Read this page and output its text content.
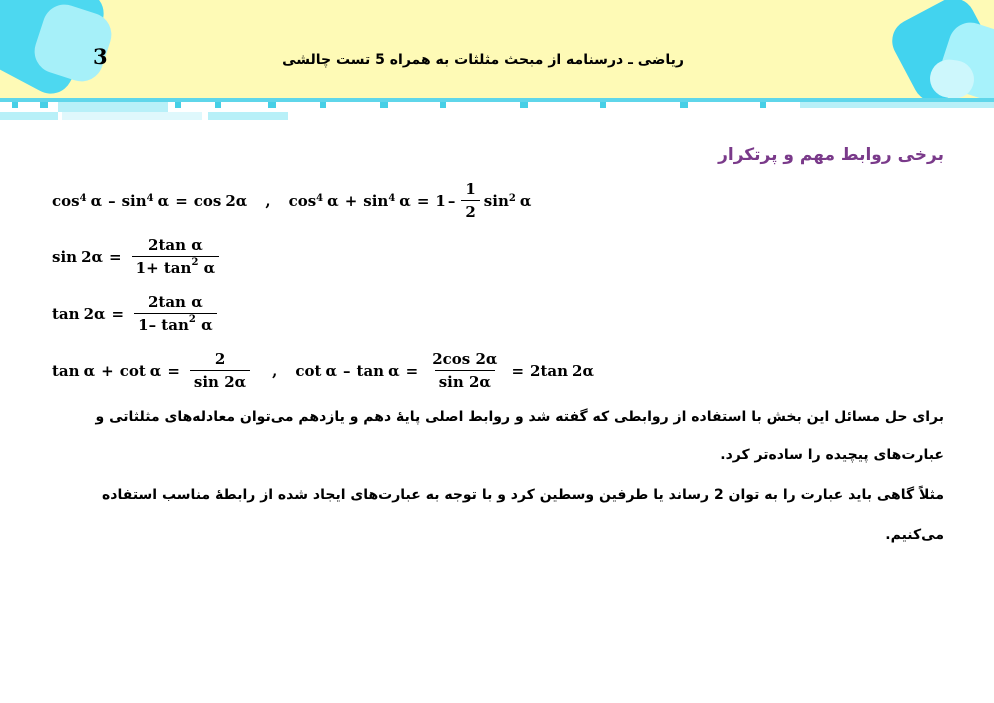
3	ریاضی ـ درسنامه از مبحث مثلثات به همراه 5 تست چالشی
برخی روابط مهم و پرتکرار
$\cos^4 \alpha - \sin^4 \alpha = \cos 2\alpha$ , $\cos^4 \alpha + \sin^4 \alpha = 1 - \frac{1}{2} \sin^2 \alpha$
$\sin 2\alpha = \frac{\text{2tan α}}{1+ \tan^2 \alpha}$
$\tan 2\alpha = \frac{\text{2tan α}}{1- \tan^2 \alpha}$
$\tan \alpha + \cot \alpha = \frac{2}{\sin 2\alpha}$ , $\cot \alpha - \tan \alpha = \frac{2\cos 2\alpha}{\sin 2\alpha} = 2$ tan 2α
برای حل مسائل این بخش با استفاده از روابطی که گفته شد و روابط اصلی پایهٔ دهم و یازدهم می‌توان معادله‌های مثلثاتی و
عبارت‌های پیچیده را ساده‌تر کرد.
مثلاً گاهی باید عبارت را به توان 2 رساند یا طرفین وسطین کرد و با توجه به عبارت‌های ایجاد شده از رابطهٔ مناسب استفاده
می‌کنیم.
